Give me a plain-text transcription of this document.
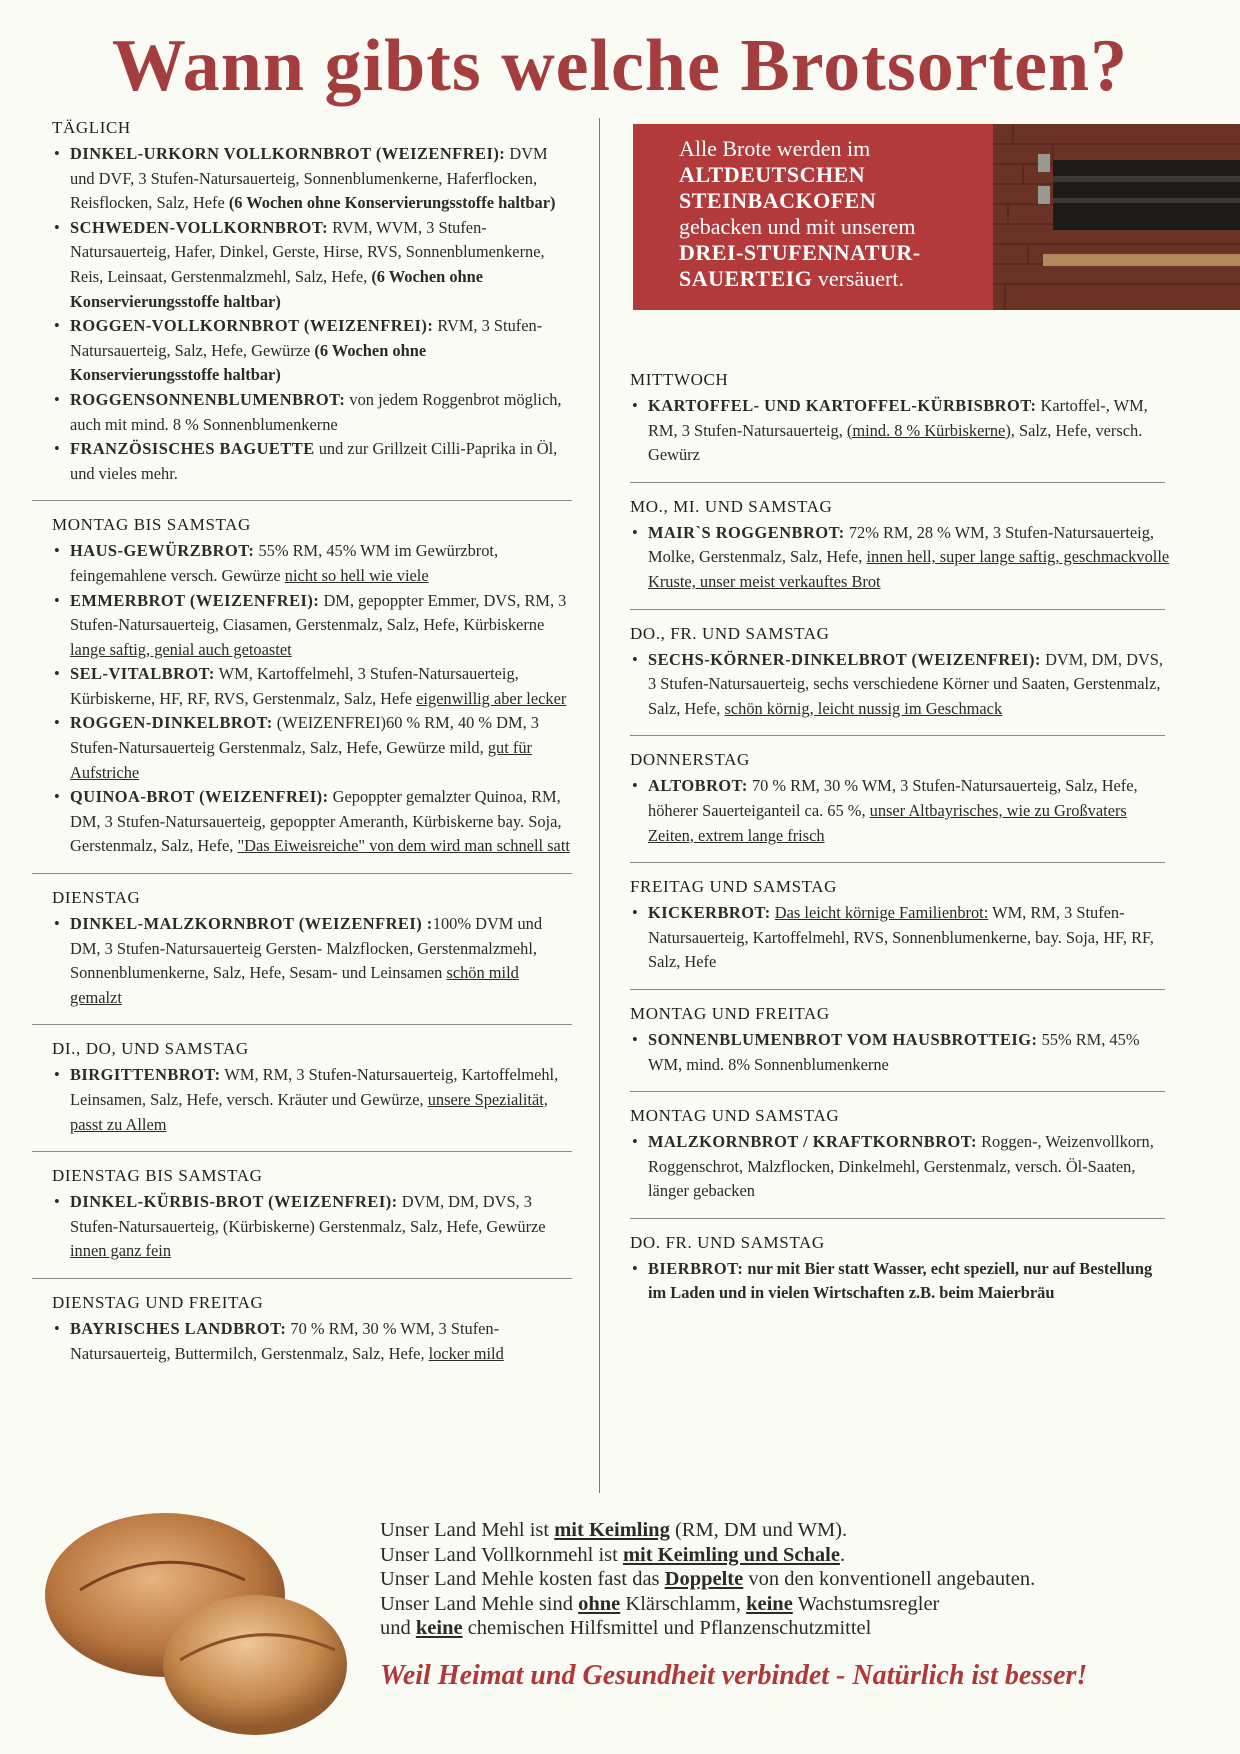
Wann gibts welche Brotsorten?
TÄGLICH

• DINKEL-URKORN VOLLKORNBROT (WEIZENFREI): DVM und DVF, 3 Stufen-Natursauerteig, Sonnenblumenkerne, Haferflocken, Reisflocken, Salz, Hefe (6 Wochen ohne Konservierungsstoffe haltbar)

• SCHWEDEN-VOLLKORNBROT: RVM, WVM, 3 Stufen-Natursauerteig, Hafer, Dinkel, Gerste, Hirse, RVS, Sonnenblumenkerne, Reis, Leinsaat, Gerstenmalzmehl, Salz, Hefe, (6 Wochen ohne Konservierungsstoffe haltbar)

• ROGGEN-VOLLKORNBROT (WEIZENFREI): RVM, 3 Stufen-Natursauerteig, Salz, Hefe, Gewürze (6 Wochen ohne Konservierungsstoffe haltbar)

• ROGGENSONNENBLUMENBROT: von jedem Roggenbrot möglich, auch mit mind. 8 % Sonnenblumenkerne

• FRANZÖSISCHES BAGUETTE und zur Grillzeit Cilli-Paprika in Öl, und vieles mehr.

MONTAG BIS SAMSTAG

• HAUS-GEWÜRZBROT: 55% RM, 45% WM im Gewürzbrot, feingemahlene versch. Gewürze nicht so hell wie viele

• EMMERBROT (WEIZENFREI): DM, gepoppter Emmer, DVS, RM, 3 Stufen-Natursauerteig, Ciasamen, Gerstenmalz, Salz, Hefe, Kürbiskerne lange saftig, genial auch getoastet

• SEL-VITALBROT: WM, Kartoffelmehl, 3 Stufen-Natursauerteig, Kürbiskerne, HF, RF, RVS, Gerstenmalz, Salz, Hefe eigenwillig aber lecker

• ROGGEN-DINKELBROT: (WEIZENFREI)60 % RM, 40 % DM, 3 Stufen-Natursauerteig Gerstenmalz, Salz, Hefe, Gewürze mild, gut für Aufstriche

• QUINOA-BROT (WEIZENFREI): Gepoppter gemalzter Quinoa, RM, DM, 3 Stufen-Natursauerteig, gepoppter Ameranth, Kürbiskerne bay. Soja, Gerstenmalz, Salz, Hefe, "Das Eiweisreiche" von dem wird man schnell satt

DIENSTAG

• DINKEL-MALZKORNBROT (WEIZENFREI) :100% DVM und DM, 3 Stufen-Natursauerteig Gersten- Malzflocken, Gerstenmalzmehl, Sonnenblumenkerne, Salz, Hefe, Sesam- und Leinsamen schön mild gemalzt

DI., DO, UND SAMSTAG

• BIRGITTENBROT: WM, RM, 3 Stufen-Natursauerteig, Kartoffelmehl, Leinsamen, Salz, Hefe, versch. Kräuter und Gewürze, unsere Spezialität, passt zu Allem

DIENSTAG BIS SAMSTAG

• DINKEL-KÜRBIS-BROT (WEIZENFREI): DVM, DM, DVS, 3 Stufen-Natursauerteig, (Kürbiskerne) Gerstenmalz, Salz, Hefe, Gewürze innen ganz fein

DIENSTAG UND FREITAG

• BAYRISCHES LANDBROT: 70 % RM, 30 % WM, 3 Stufen-Natursauerteig, Buttermilch, Gerstenmalz, Salz, Hefe, locker mild

Alle Brote werden im
ALTDEUTSCHEN
STEINBACKOFEN
gebacken und mit unserem
DREI-STUFENNATUR-
SAUERTEIG versäuert.
MITTWOCH

• KARTOFFEL- UND KARTOFFEL-KÜRBISBROT: Kartoffel-, WM, RM, 3 Stufen-Natursauerteig, (mind. 8 % Kürbiskerne), Salz, Hefe, versch. Gewürz

MO., MI. UND SAMSTAG

• MAIR`S ROGGENBROT: 72% RM, 28 % WM, 3 Stufen-Natursauerteig, Molke, Gerstenmalz, Salz, Hefe, innen hell, super lange saftig, geschmackvolle Kruste, unser meist verkauftes Brot

DO., FR. UND SAMSTAG

• SECHS-KÖRNER-DINKELBROT (WEIZENFREI): DVM, DM, DVS, 3 Stufen-Natursauerteig, sechs verschiedene Körner und Saaten, Gerstenmalz, Salz, Hefe, schön körnig, leicht nussig im Geschmack

DONNERSTAG

• ALTOBROT: 70 % RM, 30 % WM, 3 Stufen-Natursauerteig, Salz, Hefe, höherer Sauerteiganteil ca. 65 %, unser Altbayrisches, wie zu Großvaters Zeiten, extrem lange frisch

FREITAG UND SAMSTAG

• KICKERBROT: Das leicht körnige Familienbrot: WM, RM, 3 Stufen-Natursauerteig, Kartoffelmehl, RVS, Sonnenblumenkerne, bay. Soja, HF, RF, Salz, Hefe

MONTAG UND FREITAG

• SONNENBLUMENBROT VOM HAUSBROTTEIG: 55% RM, 45% WM, mind. 8% Sonnenblumenkerne

MONTAG UND SAMSTAG

• MALZKORNBROT / KRAFTKORNBROT: Roggen-, Weizenvollkorn, Roggenschrot, Malzflocken, Dinkelmehl, Gerstenmalz, versch. Öl-Saaten, länger gebacken

DO. FR. UND SAMSTAG

• BIERBROT: nur mit Bier statt Wasser, echt speziell, nur auf Bestellung im Laden und in vielen Wirtschaften z.B. beim Maierbräu

Unser Land Mehl ist mit Keimling (RM, DM und WM).

Unser Land Vollkornmehl ist mit Keimling und Schale.

Unser Land Mehle kosten fast das Doppelte von den konventionell angebauten.

Unser Land Mehle sind ohne Klärschlamm, keine Wachstumsregler

und keine chemischen Hilfsmittel und Pflanzenschutzmittel

Weil Heimat und Gesundheit verbindet - Natürlich ist besser!
